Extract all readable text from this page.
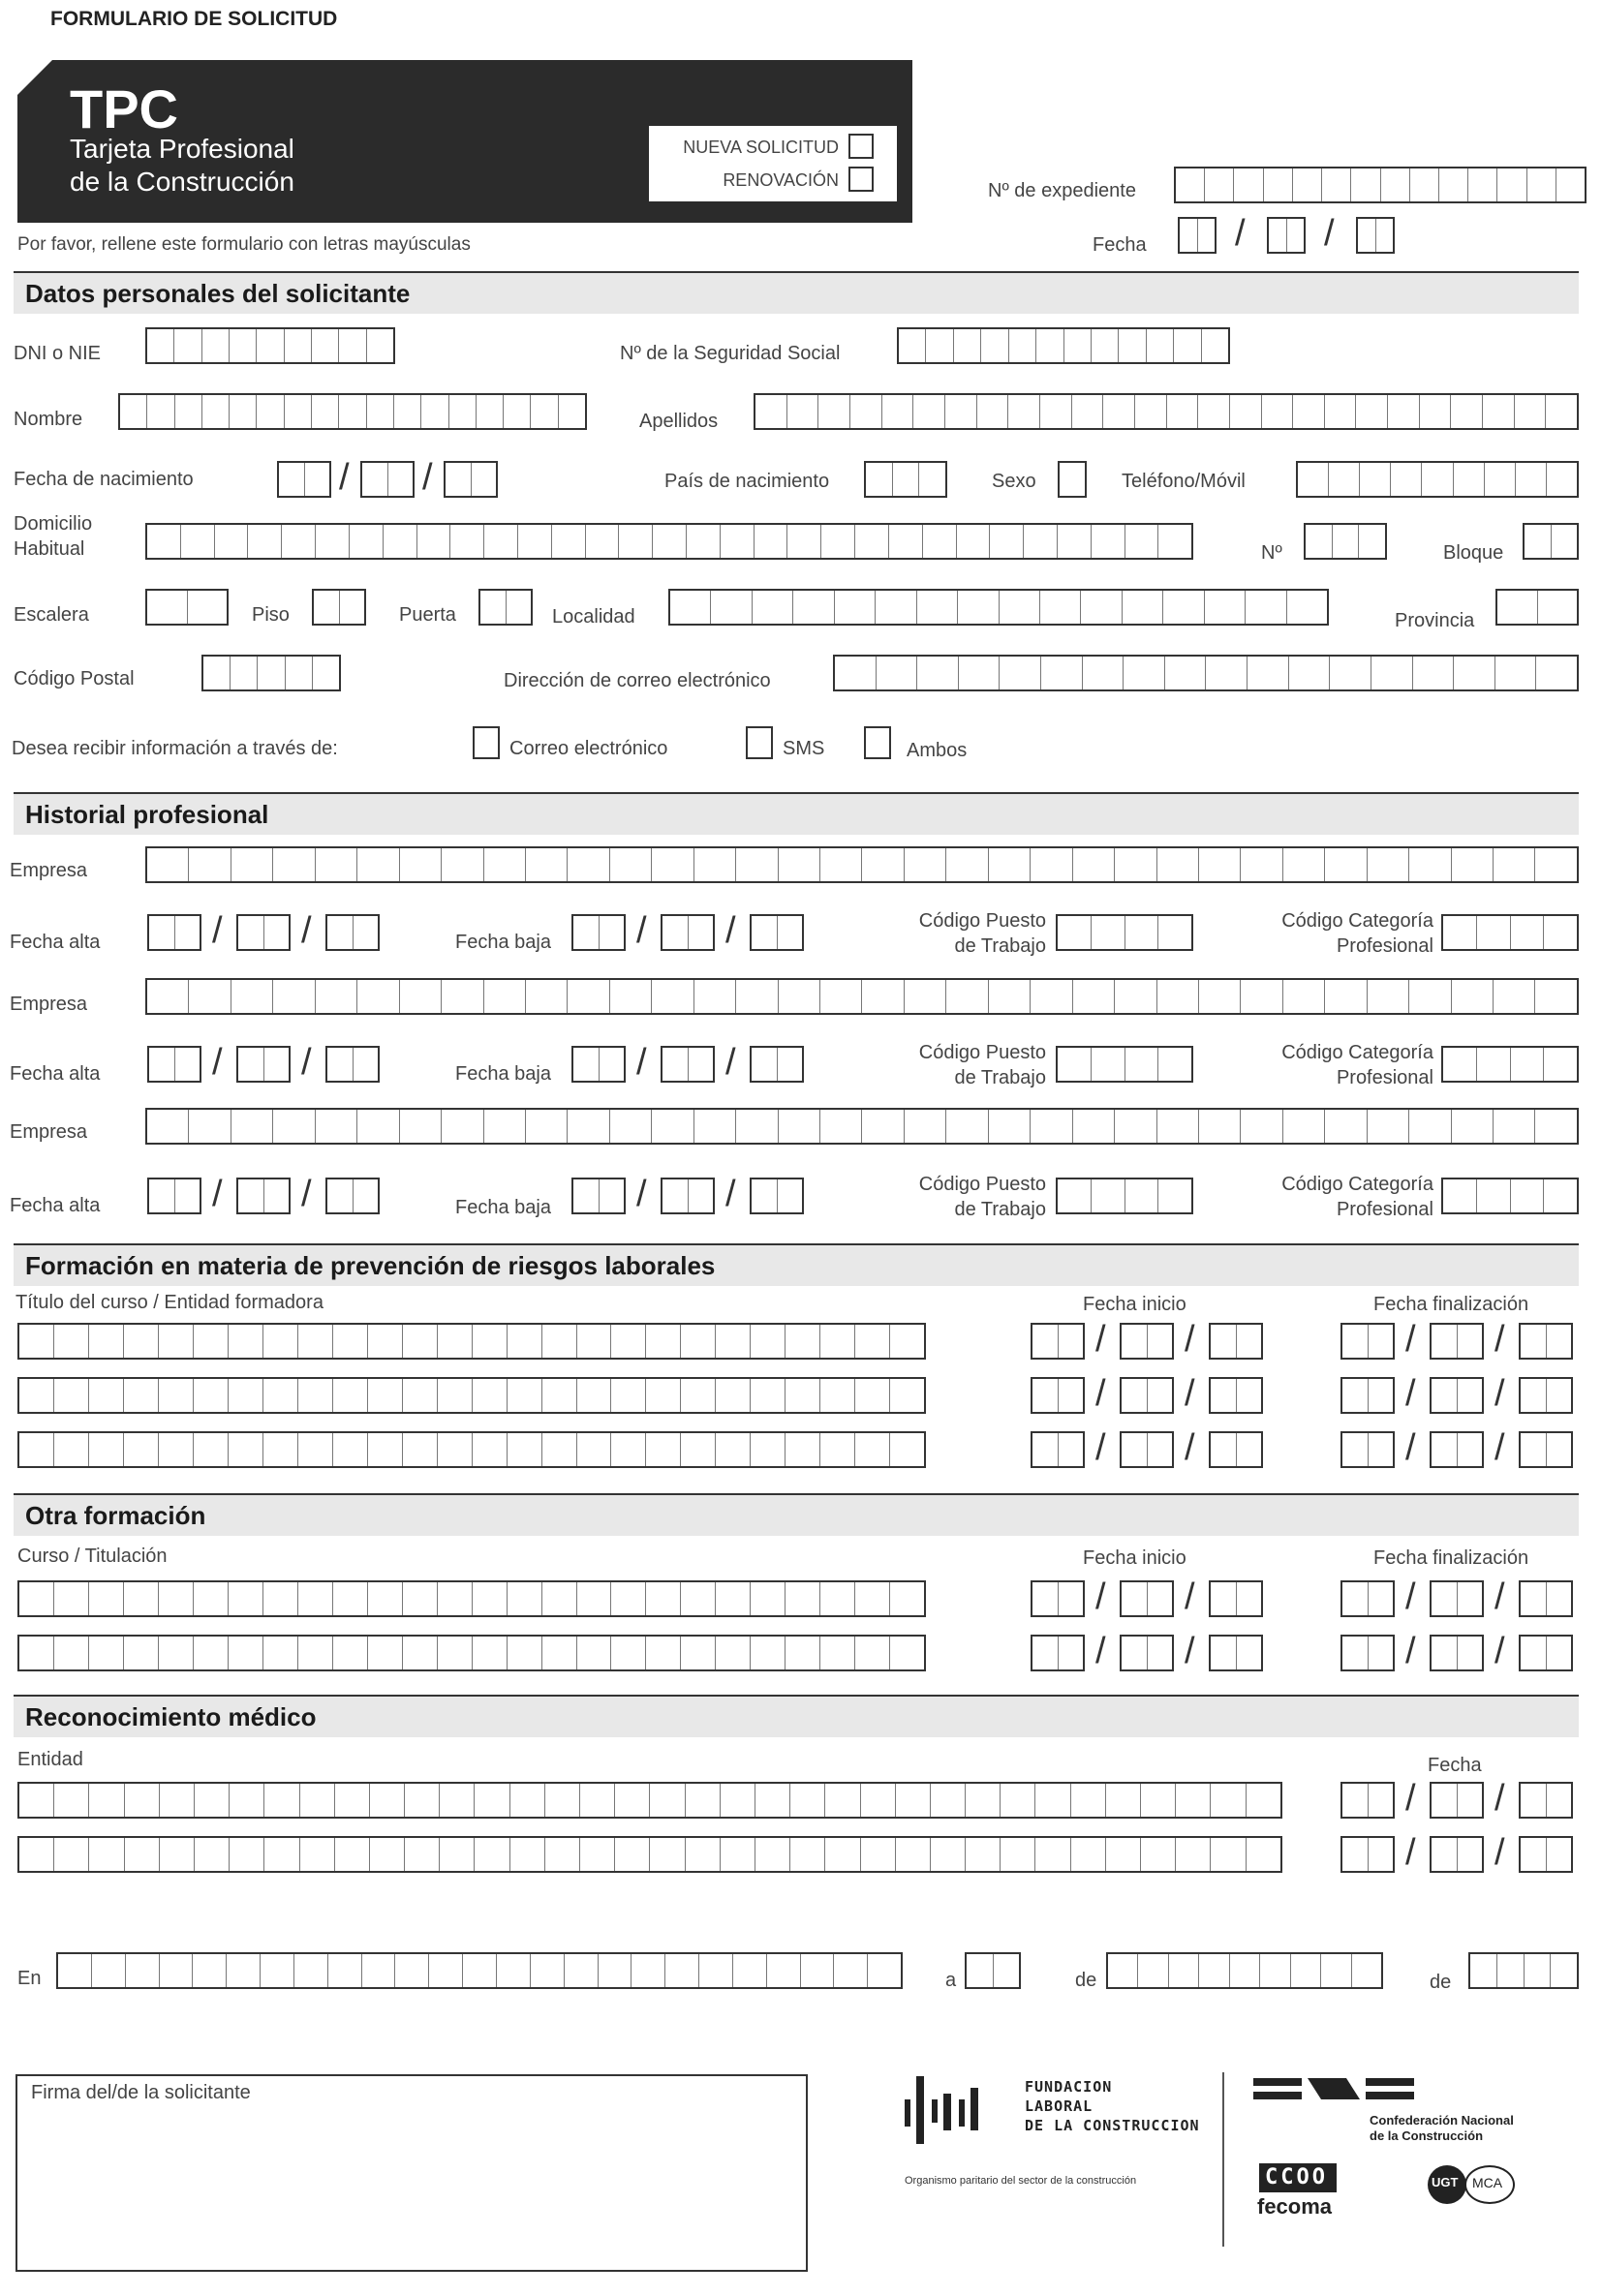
FORMULARIO DE SOLICITUD
TPC
Tarjeta Profesional
de la Construcción
NUEVA SOLICITUD
RENOVACIÓN	Nº de expediente
Fecha / /
Por favor, rellene este formulario con letras mayúsculas
Datos personales del solicitante
DNI o NIE	Nº de la Seguridad Social
Nombre	Apellidos
Fecha de nacimiento	/ /	País de nacimiento	Sexo	Teléfono/Móvil
Domicilio
Habitual	Nº	Bloque
Escalera	Piso	Puerta	Localidad	Provincia
Código Postal	Dirección de correo electrónico
Desea recibir información a través de:	Correo electrónico	SMS	Ambos
Historial profesional
Empresa
Fecha alta	/ /	Fecha baja / /	Código Puesto
de Trabajo
Código Categoría
Profesional
Empresa
Fecha alta	/ /	Fecha baja / /	Código Puesto
de Trabajo
Código Categoría
Profesional
Empresa
Fecha alta	/ /	Fecha baja / /	Código Puesto
de Trabajo
Código Categoría
Profesional
Formación en materia de prevención de riesgos laborales
Título del curso / Entidad formadora	Fecha inicio	Fecha finalización
/ /	/ /
/ /	/ /
/ /	/ /
Otra formación
Curso / Titulación	Fecha inicio	Fecha finalización
/ /	/ /
/ /	/ /
Reconocimiento médico
Entidad	Fecha
/ /
/ /
En	a	de	de
Firma del/de la solicitante	FUNDACION
LABORAL
DE LA CONSTRUCCION
Organismo paritario del sector de la construcción
Confederación Nacional
de la Construcción
CCOO
fecoma
UGT MCA
